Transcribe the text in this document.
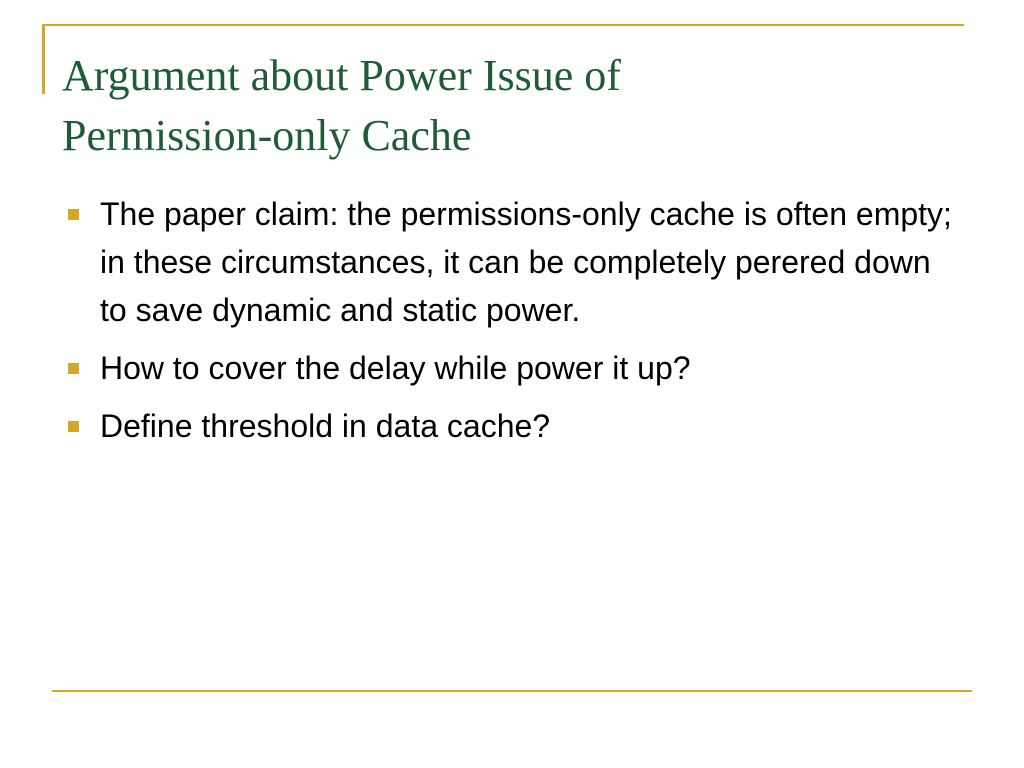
Argument about Power Issue of
Permission-only Cache
The paper claim: the permissions-only cache is often empty; in these circumstances, it can be completely perered down to save dynamic and static power.
How to cover the delay while power it up?
Define threshold in data cache?
